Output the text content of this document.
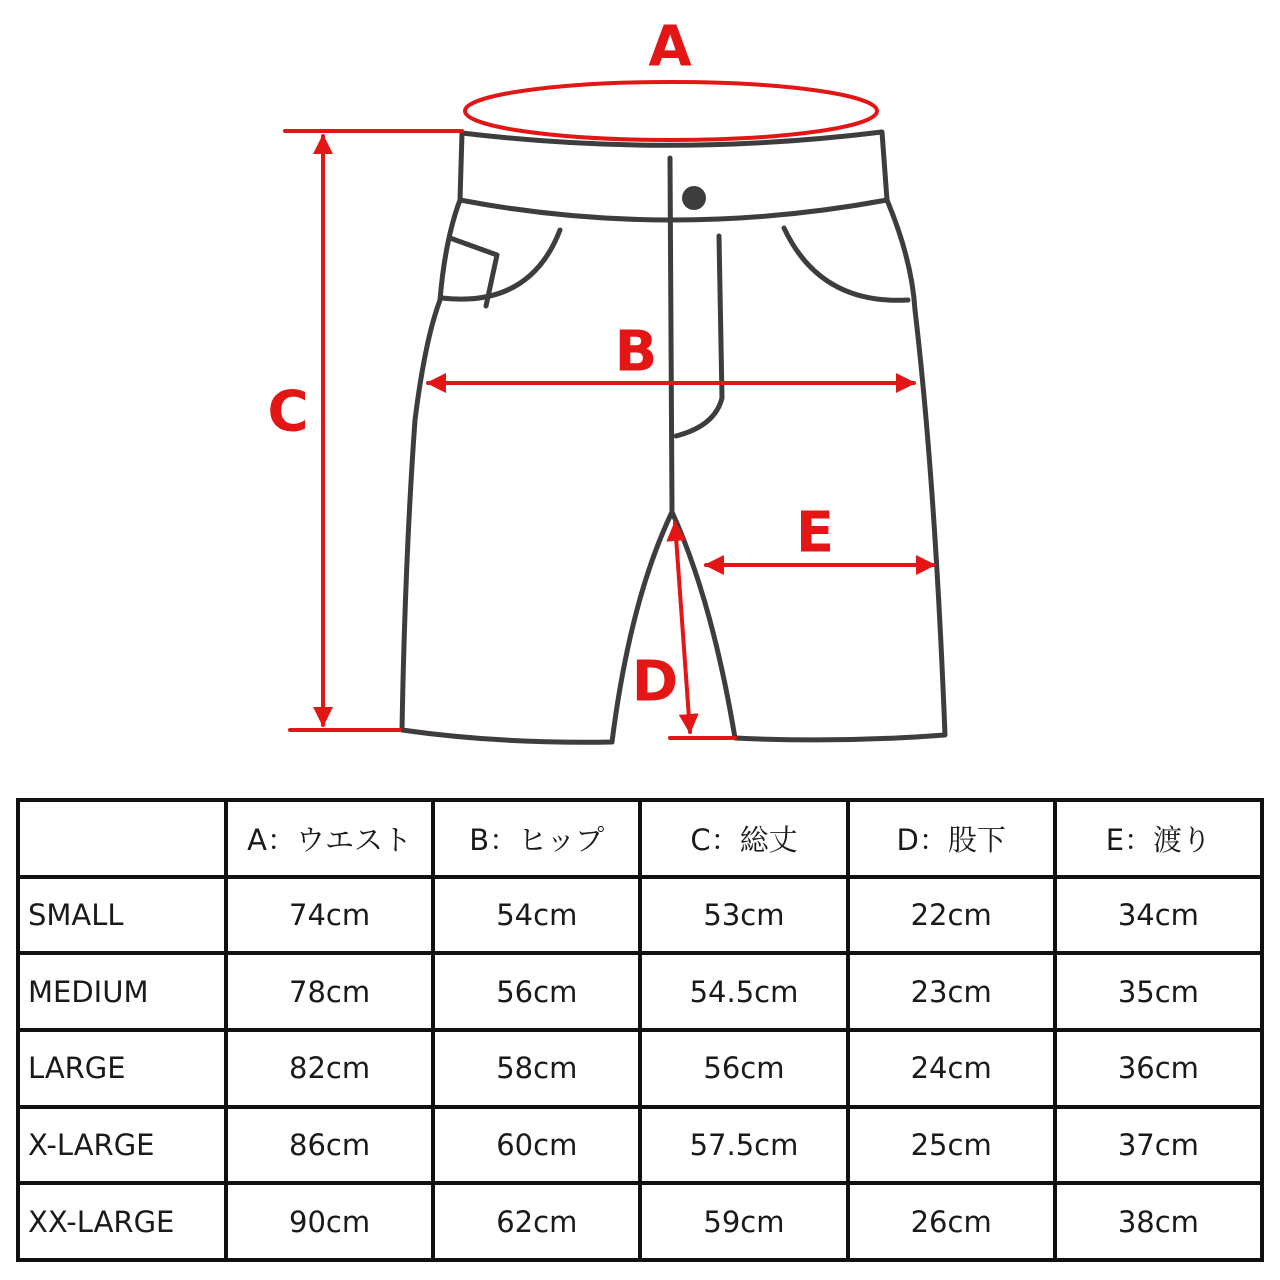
A
B
C
D
E
	A：ウエスト	B：ヒップ	C：総丈	D：股下	E：渡り
SMALL	74cm	54cm	53cm	22cm	34cm
MEDIUM	78cm	56cm	54.5cm	23cm	35cm
LARGE	82cm	58cm	56cm	24cm	36cm
X-LARGE	86cm	60cm	57.5cm	25cm	37cm
XX-LARGE	90cm	62cm	59cm	26cm	38cm
